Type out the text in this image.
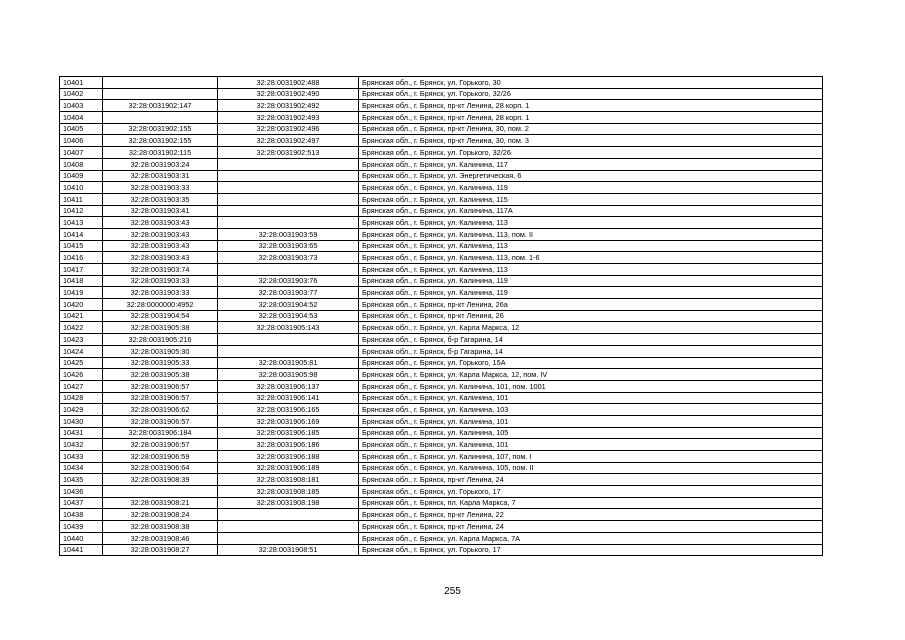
10401		32:28:0031902:488	Брянская обл., г. Брянск, ул. Горького, 30
10402		32:28:0031902:490	Брянская обл., г. Брянск, ул. Горького, 32/26
10403	32:28:0031902:147	32:28:0031902:492	Брянская обл., г. Брянск, пр-кт Ленина, 28 корп. 1
10404		32:28:0031902:493	Брянская обл., г. Брянск, пр-кт Ленина, 28 корп. 1
10405	32:28:0031902:155	32:28:0031902:496	Брянская обл., г. Брянск, пр-кт Ленина, 30, пом. 2
10406	32:28:0031902:155	32:28:0031902:497	Брянская обл., г. Брянск, пр-кт Ленина, 30, пом. 3
10407	32:28:0031902:115	32:28:0031902:513	Брянская обл., г. Брянск, ул. Горького, 32/26
10408	32:28:0031903:24		Брянская обл., г. Брянск, ул. Калинина, 117
10409	32:28:0031903:31		Брянская обл., г. Брянск, ул. Энергетическая, 6
10410	32:28:0031903:33		Брянская обл., г. Брянск, ул. Калинина, 119
10411	32:28:0031903:35		Брянская обл., г. Брянск, ул. Калинина, 115
10412	32:28:0031903:41		Брянская обл., г. Брянск, ул. Калинина, 117А
10413	32:28:0031903:43		Брянская обл., г. Брянск, ул. Калинина, 113
10414	32:28:0031903:43	32:28:0031903:59	Брянская обл., г. Брянск, ул. Калинина, 113, пом. II
10415	32:28:0031903:43	32:28:0031903:65	Брянская обл., г. Брянск, ул. Калинина, 113
10416	32:28:0031903:43	32:28:0031903:73	Брянская обл., г. Брянск, ул. Калинина, 113, пом. 1-6
10417	32:28:0031903:74		Брянская обл., г. Брянск, ул. Калинина, 113
10418	32:28:0031903:33	32:28:0031903:76	Брянская обл., г. Брянск, ул. Калинина, 119
10419	32:28:0031903:33	32:28:0031903:77	Брянская обл., г. Брянск, ул. Калинина, 119
10420	32:28:0000000:4952	32:28:0031904:52	Брянская обл., г. Брянск, пр-кт Ленина, 26а
10421	32:28:0031904:54	32:28:0031904:53	Брянская обл., г. Брянск, пр-кт Ленина, 26
10422	32:28:0031905:38	32:28:0031905:143	Брянская обл., г. Брянск, ул. Карла Маркса, 12
10423	32:28:0031905:216		Брянская обл., г. Брянск, б-р Гагарина, 14
10424	32:28:0031905:30		Брянская обл., г. Брянск, б-р Гагарина, 14
10425	32:28:0031905:33	32:28:0031905:81	Брянская обл., г. Брянск, ул. Горького, 15А
10426	32:28:0031905:38	32:28:0031905:98	Брянская обл., г. Брянск, ул. Карла Маркса, 12, пом. IV
10427	32:28:0031906:57	32:28:0031906:137	Брянская обл., г. Брянск, ул. Калинина, 101, пом. 1001
10428	32:28:0031906:57	32:28:0031906:141	Брянская обл., г. Брянск, ул. Калинина, 101
10429	32:28:0031906:62	32:28:0031906:165	Брянская обл., г. Брянск, ул. Калинина, 103
10430	32:28:0031906:57	32:28:0031906:169	Брянская обл., г. Брянск, ул. Калинина, 101
10431	32:28:0031906:184	32:28:0031906:185	Брянская обл., г. Брянск, ул. Калинина, 105
10432	32:28:0031906:57	32:28:0031906:186	Брянская обл., г. Брянск, ул. Калинина, 101
10433	32:28:0031906:59	32:28:0031906:188	Брянская обл., г. Брянск, ул. Калинина, 107, пом. I
10434	32:28:0031906:64	32:28:0031906:189	Брянская обл., г. Брянск, ул. Калинина, 105, пом. II
10435	32:28:0031908:39	32:28:0031908:181	Брянская обл., г. Брянск, пр-кт Ленина, 24
10436		32:28:0031908:185	Брянская обл., г. Брянск, ул. Горького, 17
10437	32:28:0031908:21	32:28:0031908:198	Брянская обл., г. Брянск, пл. Карла Маркса, 7
10438	32:28:0031908:24		Брянская обл., г. Брянск, пр-кт Ленина, 22
10439	32:28:0031908:38		Брянская обл., г. Брянск, пр-кт Ленина, 24
10440	32:28:0031908:46		Брянская обл., г. Брянск, ул. Карла Маркса, 7А
10441	32:28:0031908:27	32:28:0031908:51	Брянская обл., г. Брянск, ул. Горького, 17
255
